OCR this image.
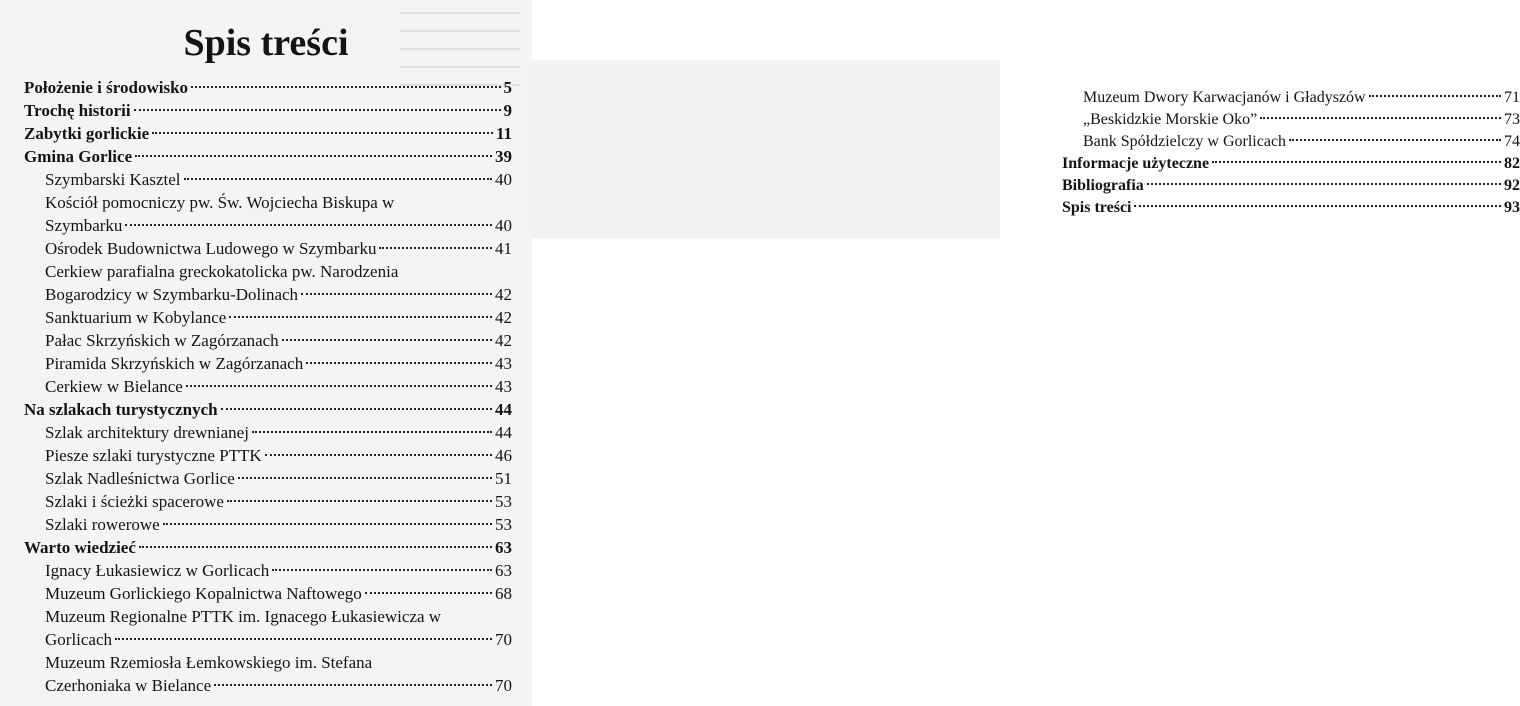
Spis treści
Położenie i środowisko	5
Trochę historii	9
Zabytki gorlickie	11
Gmina Gorlice	39
Szymbarski Kasztel	40
Kościół pomocniczy pw. Św. Wojciecha Biskupa w
Szymbarku	40
Ośrodek Budownictwa Ludowego w Szymbarku	41
Cerkiew parafialna greckokatolicka pw. Narodzenia
Bogarodzicy w Szymbarku-Dolinach	42
Sanktuarium w Kobylance	42
Pałac Skrzyńskich w Zagórzanach	42
Piramida Skrzyńskich w Zagórzanach	43
Cerkiew w Bielance	43
Na szlakach turystycznych	44
Szlak architektury drewnianej	44
Piesze szlaki turystyczne PTTK	46
Szlak Nadleśnictwa Gorlice	51
Szlaki i ścieżki spacerowe	53
Szlaki rowerowe	53
Warto wiedzieć	63
Ignacy Łukasiewicz w Gorlicach	63
Muzeum Gorlickiego Kopalnictwa Naftowego	68
Muzeum Regionalne PTTK im. Ignacego Łukasiewicza w
Gorlicach	70
Muzeum Rzemiosła Łemkowskiego im. Stefana
Czerhoniaka w Bielance	70
Muzeum Dwory Karwacjanów i Gładyszów	71
„Beskidzkie Morskie Oko”	73
Bank Spółdzielczy w Gorlicach	74
Informacje użyteczne	82
Bibliografia	92
Spis treści	93
